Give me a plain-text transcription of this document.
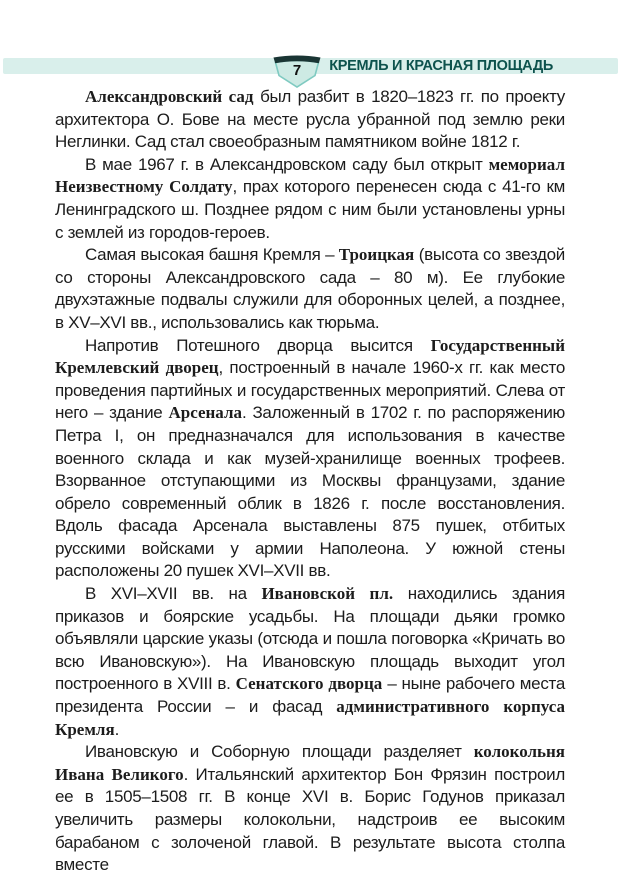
КРЕМЛЬ И КРАСНАЯ ПЛОЩАДЬ
7

Александровский сад был разбит в 1820–1823 гг. по проекту архитектора О. Бове на месте русла убранной под землю реки Неглинки. Сад стал своеобразным памятником войне 1812 г.

В мае 1967 г. в Александровском саду был открыт мемориал Неизвестному Солдату, прах которого перенесен сюда с 41-го км Ленинградского ш. Позднее рядом с ним были установлены урны с землей из городов-героев.

Самая высокая башня Кремля – Троицкая (высота со звездой со стороны Александровского сада – 80 м). Ее глубокие двухэтажные подвалы служили для оборонных целей, а позднее, в XV–XVI вв., использовались как тюрьма.

Напротив Потешного дворца высится Государственный Кремлевский дворец, построенный в начале 1960-х гг. как место проведения партийных и государственных мероприятий. Слева от него – здание Арсенала. Заложенный в 1702 г. по распоряжению Петра I, он предназначался для использования в качестве военного склада и как музей-хранилище военных трофеев. Взорванное отступающими из Москвы французами, здание обрело современный облик в 1826 г. после восстановления. Вдоль фасада Арсенала выставлены 875 пушек, отбитых русскими войсками у армии Наполеона. У южной стены расположены 20 пушек XVI–XVII вв.

В XVI–XVII вв. на Ивановской пл. находились здания приказов и боярские усадьбы. На площади дьяки громко объявляли царские указы (отсюда и пошла поговорка «Кричать во всю Ивановскую»). На Ивановскую площадь выходит угол построенного в XVIII в. Сенатского дворца – ныне рабочего места президента России – и фасад административного корпуса Кремля.

Ивановскую и Соборную площади разделяет колокольня Ивана Великого. Итальянский архитектор Бон Фрязин построил ее в 1505–1508 гг. В конце XVI в. Борис Годунов приказал увеличить размеры колокольни, надстроив ее высоким барабаном с золоченой главой. В результате высота столпа вместе
